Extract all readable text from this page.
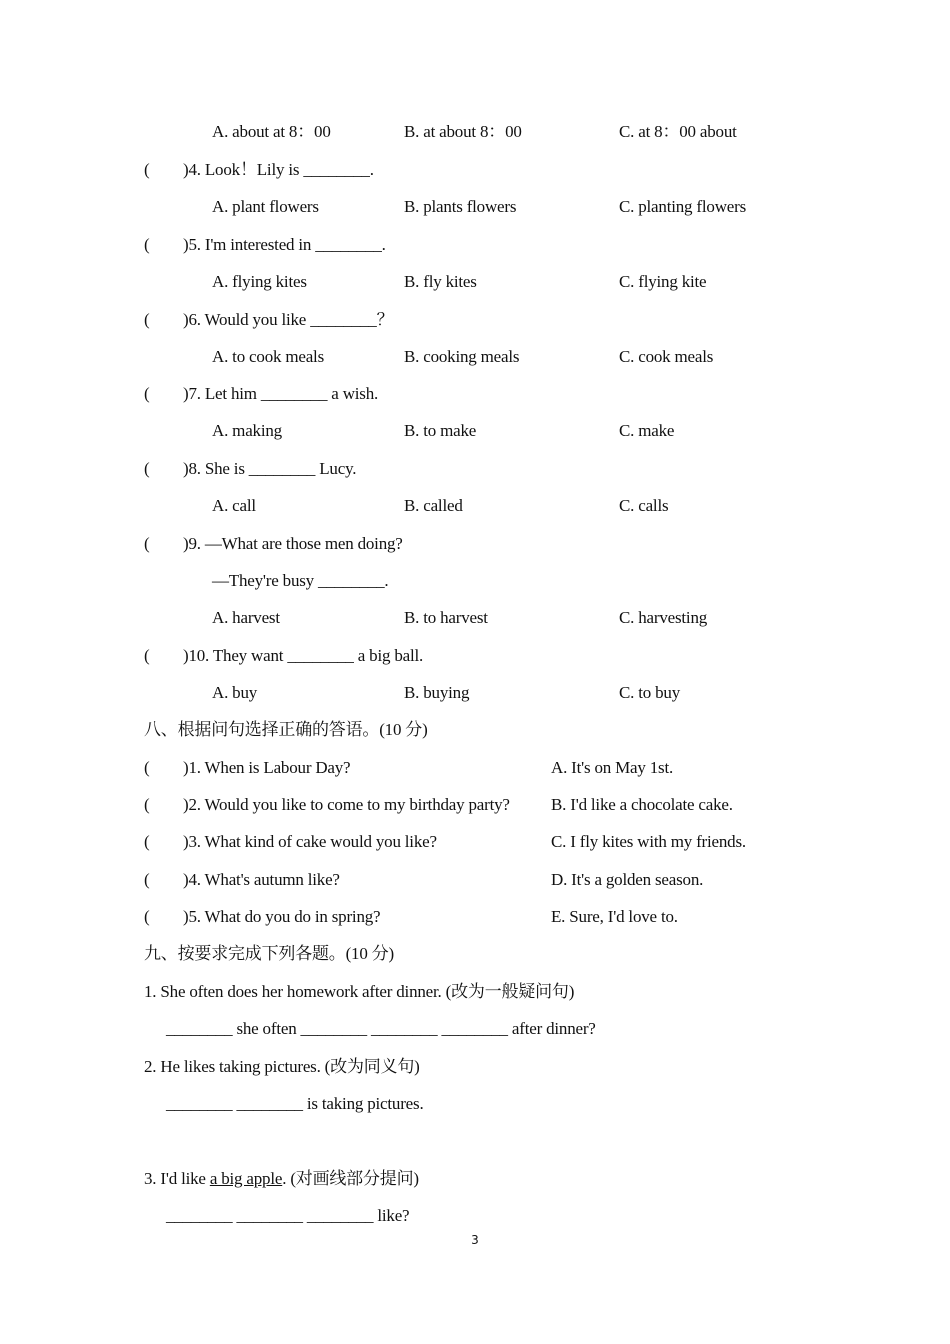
A. about at 8：00	B. at about 8：00	C. at 8：00 about
( )4. Look！Lily is ________.
A. plant flowers	B. plants flowers	C. planting flowers
( )5. I'm interested in ________.
A. flying kites	B. fly kites	C. flying kite
( )6. Would you like ________？
A. to cook meals	B. cooking meals	C. cook meals
( )7. Let him ________ a wish.
A. making	B. to make	C. make
( )8. She is ________ Lucy.
A. call	B. called	C. calls
( )9. —What are those men doing?
—They're busy ________.
A. harvest	B. to harvest	C. harvesting
( )10. They want ________ a big ball.
A. buy	B. buying	C. to buy
八、根据问句选择正确的答语。(10 分)
( )1. When is Labour Day?	A. It's on May 1st.
( )2. Would you like to come to my birthday party? B. I'd like a chocolate cake.
( )3. What kind of cake would you like?	C. I fly kites with my friends.
( )4. What's autumn like?	D. It's a golden season.
( )5. What do you do in spring?	E. Sure, I'd love to.
九、按要求完成下列各题。(10 分)
1. She often does her homework after dinner. (改为一般疑问句)
________ she often ________ ________ ________ after dinner?
2. He likes taking pictures. (改为同义句)
________ ________ is taking pictures.
3. I'd like a big apple. (对画线部分提问)
________ ________ ________ like?
3
